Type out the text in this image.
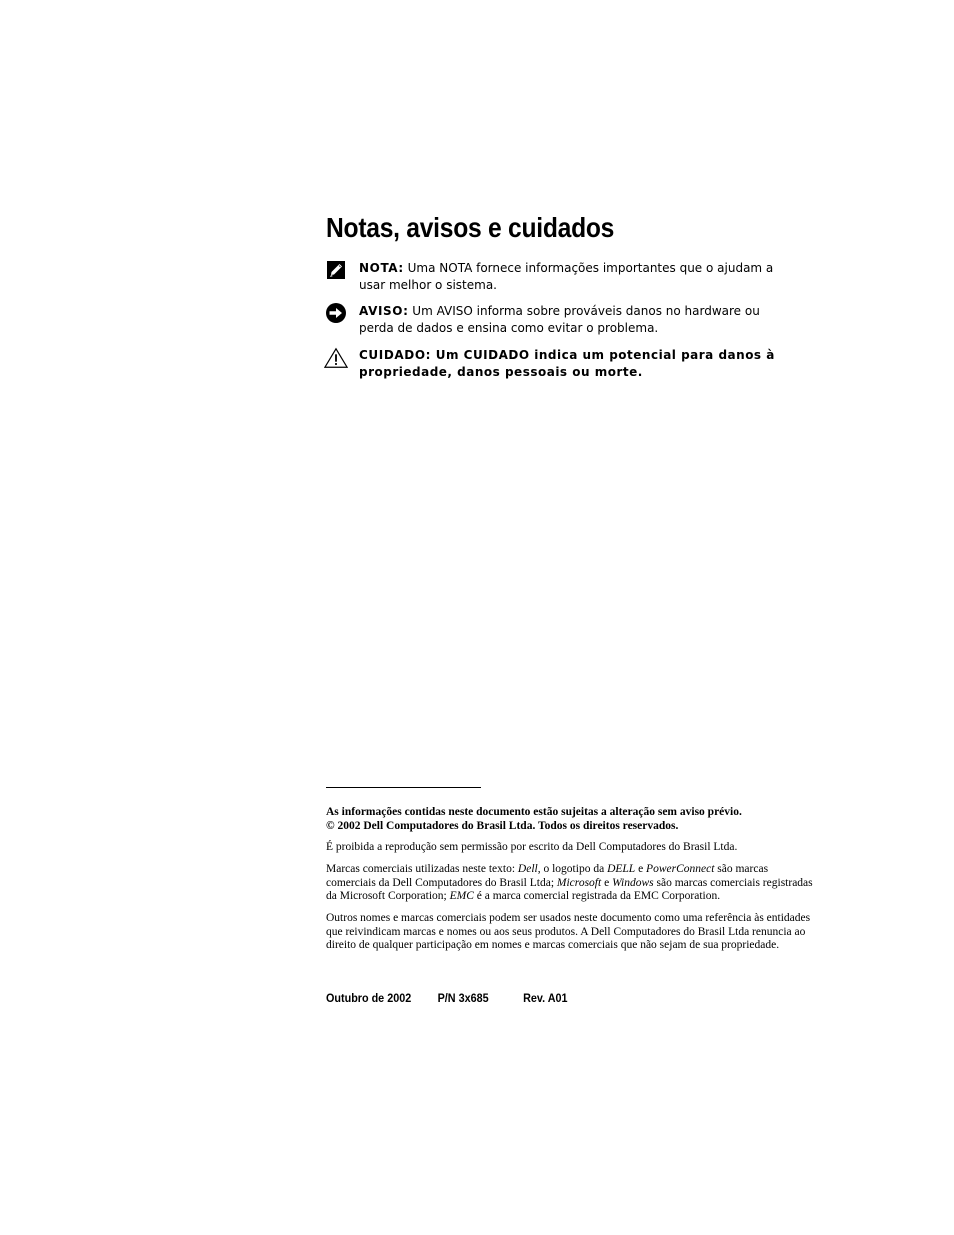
Notas, avisos e cuidados
NOTA: Uma NOTA fornece informações importantes que o ajudam a usar melhor o sistema.
AVISO: Um AVISO informa sobre prováveis danos no hardware ou perda de dados e ensina como evitar o problema.
CUIDADO: Um CUIDADO indica um potencial para danos à propriedade, danos pessoais ou morte.

As informações contidas neste documento estão sujeitas a alteração sem aviso prévio.
© 2002 Dell Computadores do Brasil Ltda. Todos os direitos reservados.

É proibida a reprodução sem permissão por escrito da Dell Computadores do Brasil Ltda.

Marcas comerciais utilizadas neste texto: Dell, o logotipo da DELL e PowerConnect são marcas comerciais da Dell Computadores do Brasil Ltda; Microsoft e Windows são marcas comerciais registradas da Microsoft Corporation; EMC é a marca comercial registrada da EMC Corporation.

Outros nomes e marcas comerciais podem ser usados neste documento como uma referência às entidades que reivindicam marcas e nomes ou aos seus produtos. A Dell Computadores do Brasil Ltda renuncia ao direito de qualquer participação em nomes e marcas comerciais que não sejam de sua propriedade.

Outubro de 2002 P/N 3x685	Rev. A01
